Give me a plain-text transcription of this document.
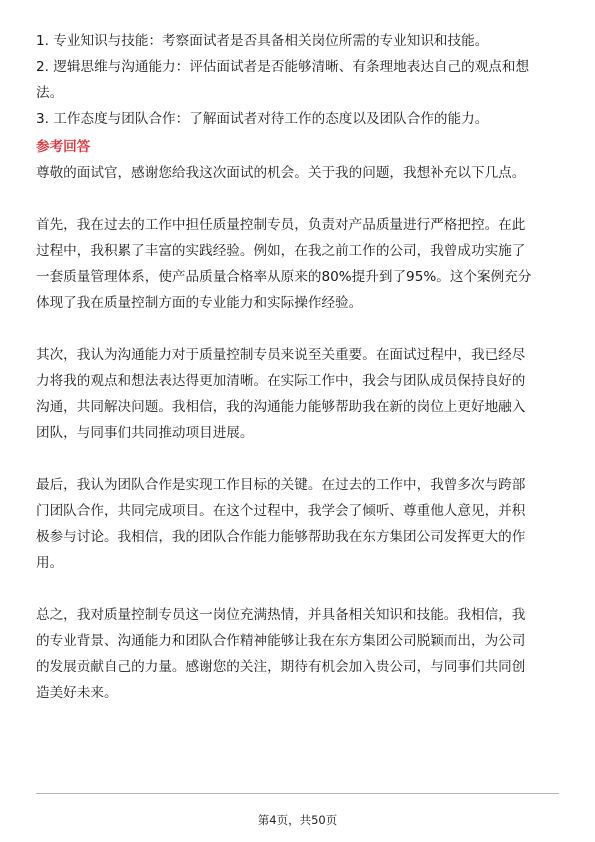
1. 专业知识与技能：考察面试者是否具备相关岗位所需的专业知识和技能。
2. 逻辑思维与沟通能力：评估面试者是否能够清晰、有条理地表达自己的观点和想
法。
3. 工作态度与团队合作：了解面试者对待工作的态度以及团队合作的能力。
参考回答
尊敬的面试官，感谢您给我这次面试的机会。关于我的问题，我想补充以下几点。
首先，我在过去的工作中担任质量控制专员，负责对产品质量进行严格把控。在此
过程中，我积累了丰富的实践经验。例如，在我之前工作的公司，我曾成功实施了
一套质量管理体系，使产品质量合格率从原来的80%提升到了95%。这个案例充分
体现了我在质量控制方面的专业能力和实际操作经验。
其次，我认为沟通能力对于质量控制专员来说至关重要。在面试过程中，我已经尽
力将我的观点和想法表达得更加清晰。在实际工作中，我会与团队成员保持良好的
沟通，共同解决问题。我相信，我的沟通能力能够帮助我在新的岗位上更好地融入
团队，与同事们共同推动项目进展。
最后，我认为团队合作是实现工作目标的关键。在过去的工作中，我曾多次与跨部
门团队合作，共同完成项目。在这个过程中，我学会了倾听、尊重他人意见，并积
极参与讨论。我相信，我的团队合作能力能够帮助我在东方集团公司发挥更大的作
用。
总之，我对质量控制专员这一岗位充满热情，并具备相关知识和技能。我相信，我
的专业背景、沟通能力和团队合作精神能够让我在东方集团公司脱颖而出，为公司
的发展贡献自己的力量。感谢您的关注，期待有机会加入贵公司，与同事们共同创
造美好未来。
第4页，共50页
